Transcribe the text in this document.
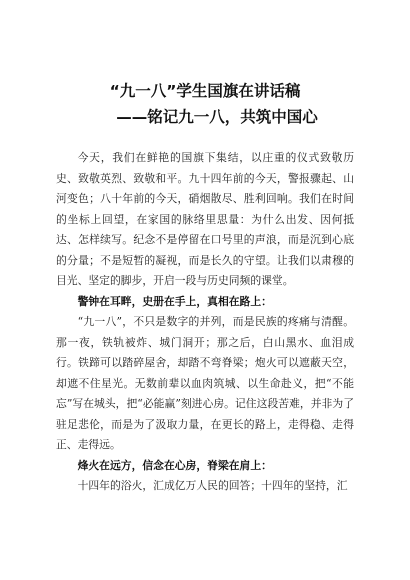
“九一八”学生国旗在讲话稿
——铭记九一八，共筑中国心

今天，我们在鲜艳的国旗下集结，以庄重的仪式致敬历史、致敬英烈、致敬和平。九十四年前的今天，警报骤起、山河变色；八十年前的今天，硝烟散尽、胜利回响。我们在时间的坐标上回望，在家国的脉络里思量：为什么出发、因何抵达、怎样续写。纪念不是停留在口号里的声浪，而是沉到心底的分量；不是短暂的凝视，而是长久的守望。让我们以肃穆的目光、坚定的脚步，开启一段与历史同频的课堂。

警钟在耳畔，史册在手上，真相在路上：

“九一八”，不只是数字的并列，而是民族的疼痛与清醒。那一夜，铁轨被炸、城门洞开；那之后，白山黑水、血泪成行。铁蹄可以踏碎屋舍，却踏不弯脊梁；炮火可以遮蔽天空，却遮不住星光。无数前辈以血肉筑城、以生命赴义，把“不能忘”写在城头，把“必能赢”刻进心房。记住这段苦难，并非为了驻足悲伦，而是为了汲取力量，在更长的路上，走得稳、走得正、走得远。

烽火在远方，信念在心房，脊梁在肩上：

十四年的浴火，汇成亿万人民的回答；十四年的坚持，汇
